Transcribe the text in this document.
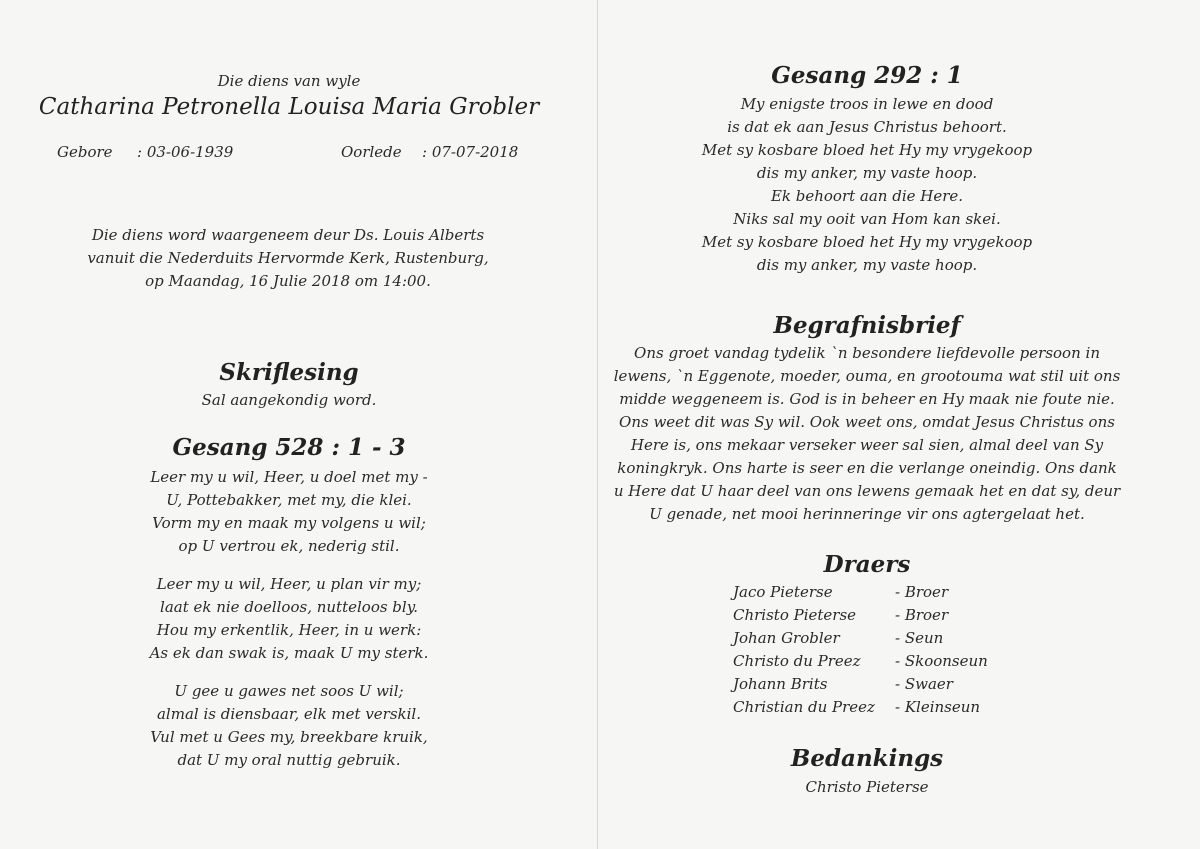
Die diens van wyle
Catharina Petronella Louisa Maria Grobler
Gebore : 03-06-1939	Oorlede : 07-07-2018
Die diens word waargeneem deur Ds. Louis Alberts
vanuit die Nederduits Hervormde Kerk, Rustenburg,
op Maandag, 16 Julie 2018 om 14:00.
Skriflesing
Sal aangekondig word.
Gesang 528 : 1 - 3
Leer my u wil, Heer, u doel met my -
U, Pottebakker, met my, die klei.
Vorm my en maak my volgens u wil;
op U vertrou ek, nederig stil.
Leer my u wil, Heer, u plan vir my;
laat ek nie doelloos, nutteloos bly.
Hou my erkentlik, Heer, in u werk:
As ek dan swak is, maak U my sterk.
U gee u gawes net soos U wil;
almal is diensbaar, elk met verskil.
Vul met u Gees my, breekbare kruik,
dat U my oral nuttig gebruik.
Gesang 292 : 1
My enigste troos in lewe en dood
is dat ek aan Jesus Christus behoort.
Met sy kosbare bloed het Hy my vrygekoop
dis my anker, my vaste hoop.
Ek behoort aan die Here.
Niks sal my ooit van Hom kan skei.
Met sy kosbare bloed het Hy my vrygekoop
dis my anker, my vaste hoop.
Begrafnisbrief
Ons groet vandag tydelik `n besondere liefdevolle persoon in
lewens, `n Eggenote, moeder, ouma, en grootouma wat stil uit ons
midde weggeneem is. God is in beheer en Hy maak nie foute nie.
Ons weet dit was Sy wil. Ook weet ons, omdat Jesus Christus ons
Here is, ons mekaar verseker weer sal sien, almal deel van Sy
koningkryk. Ons harte is seer en die verlange oneindig. Ons dank
u Here dat U haar deel van ons lewens gemaak het en dat sy, deur
U genade, net mooi herinneringe vir ons agtergelaat het.
Draers
Jaco Pieterse	- Broer
Christo Pieterse	- Broer
Johan Grobler	- Seun
Christo du Preez - Skoonseun
Johann Brits	- Swaer
Christian du Preez - Kleinseun
Bedankings
Christo Pieterse
